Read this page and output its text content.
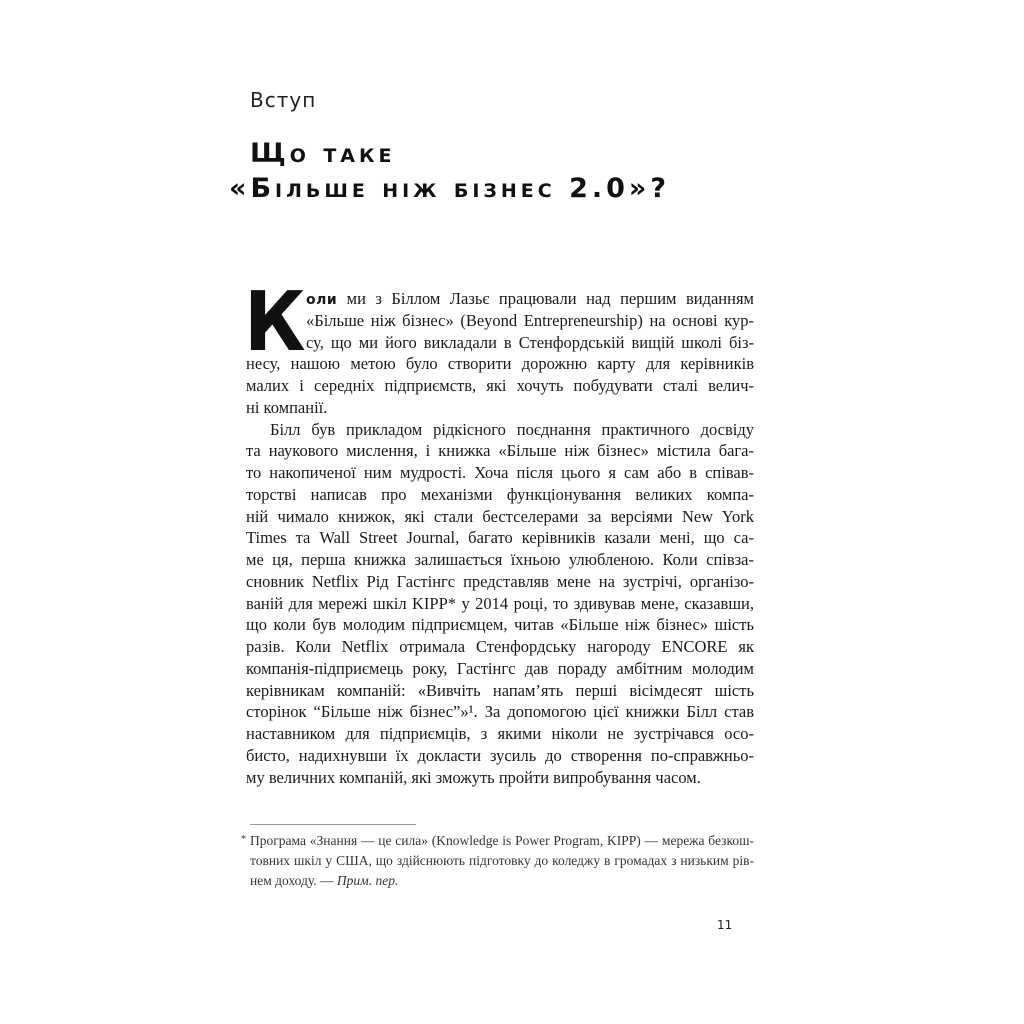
Вступ
Що таке
«Більше ніж бізнес 2.0»?
К оли ми з Біллом Лазьє працювали над першим виданням
«Більше ніж бізнес» (Beyond Entrepreneurship) на основі кур-
су, що ми його викладали в Стенфордській вищій школі біз-
несу, нашою метою було створити дорожню карту для керівників
малих і середніх підприємств, які хочуть побудувати сталі велич-
ні компанії.
Білл був прикладом рідкісного поєднання практичного досвіду
та наукового мислення, і книжка «Більше ніж бізнес» містила бага-
то накопиченої ним мудрості. Хоча після цього я сам або в співав-
торстві написав про механізми функціонування великих компа-
ній чимало книжок, які стали бестселерами за версіями New York
Times та Wall Street Journal, багато керівників казали мені, що са-
ме ця, перша книжка залишається їхньою улюбленою. Коли співза-
сновник Netflix Рід Гастінгс представляв мене на зустрічі, організо-
ваній для мережі шкіл KIPP* у 2014 році, то здивував мене, сказавши,
що коли був молодим підприємцем, читав «Більше ніж бізнес» шість
разів. Коли Netflix отримала Стенфордську нагороду ENCORE як
компанія-підприємець року, Гастінгс дав пораду амбітним молодим
керівникам компаній: «Вивчіть напам’ять перші вісімдесят шість
сторінок “Більше ніж бізнес”»¹. За допомогою цієї книжки Білл став
наставником для підприємців, з якими ніколи не зустрічався осо-
бисто, надихнувши їх докласти зусиль до створення по-справжньо-
му величних компаній, які зможуть пройти випробування часом.
* Програма «Знання — це сила» (Knowledge is Power Program, KIPP) — мережа безкош-
товних шкіл у США, що здійснюють підготовку до коледжу в громадах з низьким рів-
нем доходу. — Прим. пер.
11
